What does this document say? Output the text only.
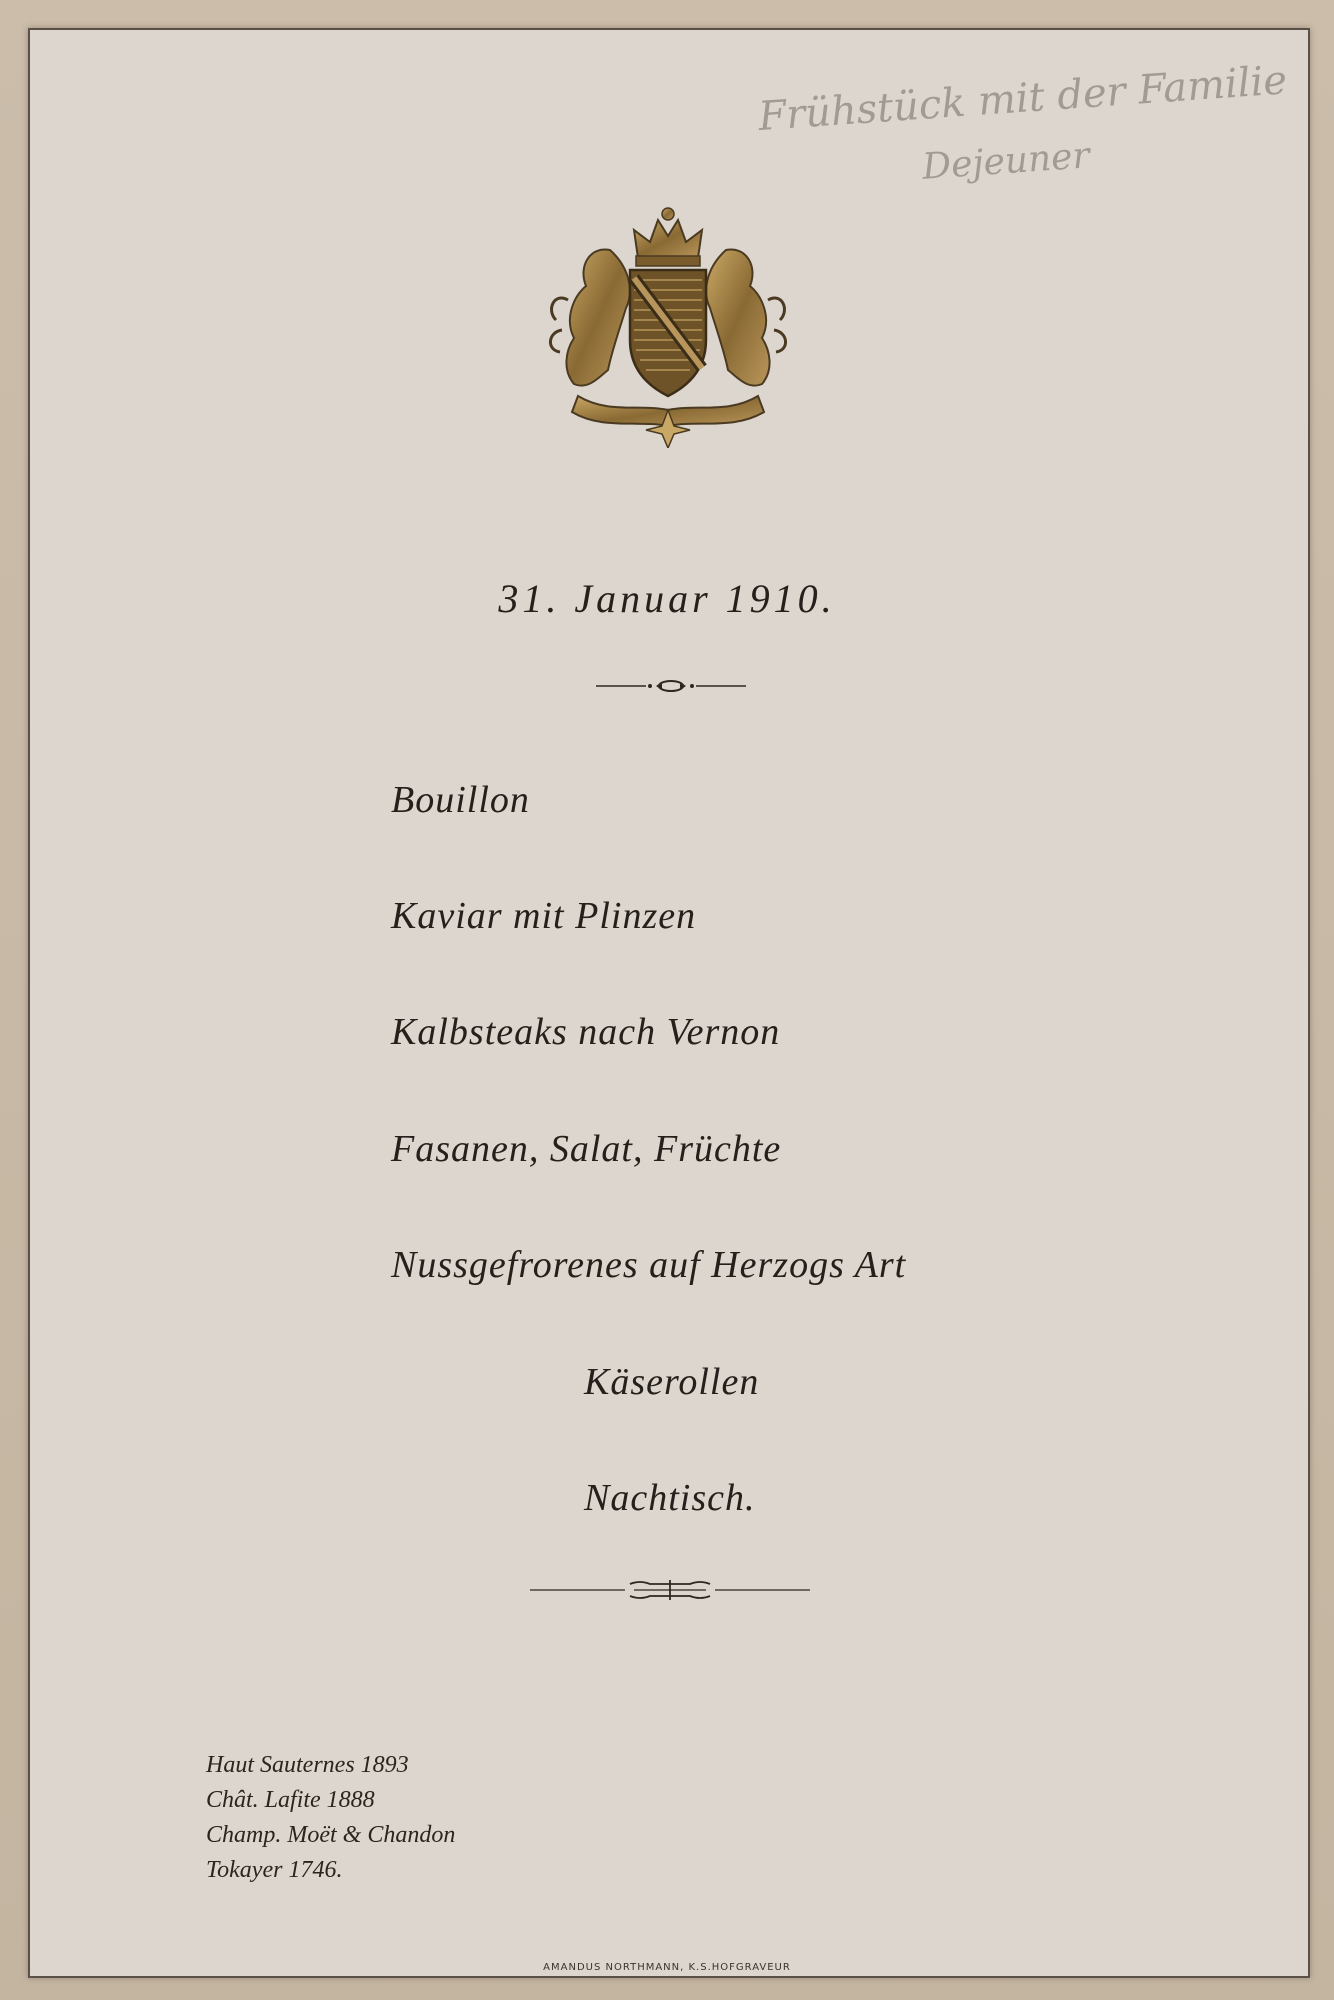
Frühstück mit der Familie
Dejeuner
31. Januar 1910.
Bouillon
Kaviar mit Plinzen
Kalbsteaks nach Vernon
Fasanen, Salat, Früchte
Nussgefrorenes auf Herzogs Art
Käserollen
Nachtisch.
Haut Sauternes 1893
Chât. Lafite 1888
Champ. Moët & Chandon
Tokayer 1746.
AMANDUS NORTHMANN, K.S.HOFGRAVEUR
